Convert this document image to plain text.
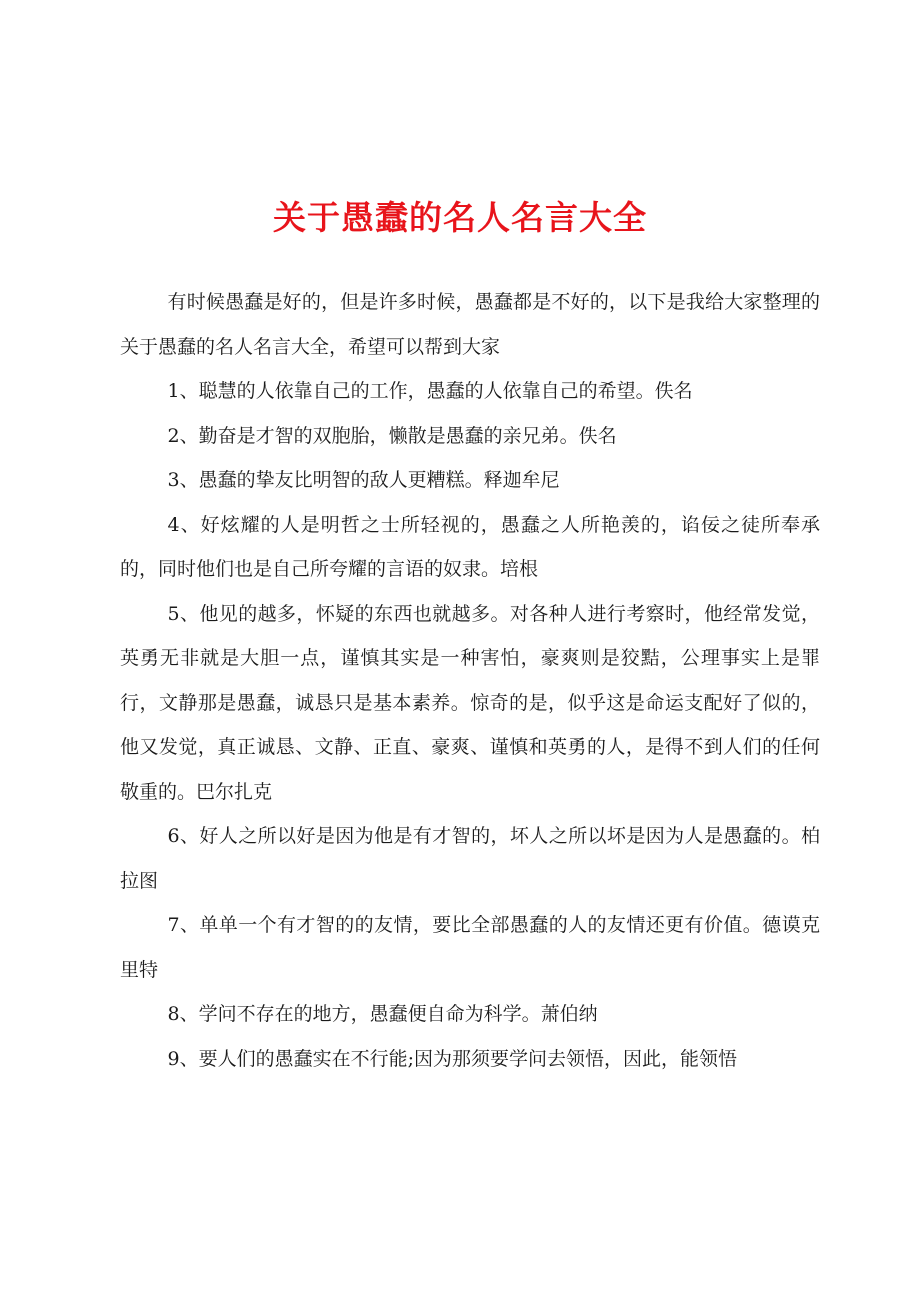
关于愚蠢的名人名言大全

有时候愚蠢是好的，但是许多时候，愚蠢都是不好的，以下是我给大家整理的关于愚蠢的名人名言大全，希望可以帮到大家

1、聪慧的人依靠自己的工作，愚蠢的人依靠自己的希望。佚名

2、勤奋是才智的双胞胎，懒散是愚蠢的亲兄弟。佚名

3、愚蠢的挚友比明智的敌人更糟糕。释迦牟尼

4、好炫耀的人是明哲之士所轻视的，愚蠢之人所艳羡的，谄佞之徒所奉承的，同时他们也是自己所夸耀的言语的奴隶。培根

5、他见的越多，怀疑的东西也就越多。对各种人进行考察时，他经常发觉，英勇无非就是大胆一点，谨慎其实是一种害怕，豪爽则是狡黠，公理事实上是罪行，文静那是愚蠢，诚恳只是基本素养。惊奇的是，似乎这是命运支配好了似的，他又发觉，真正诚恳、文静、正直、豪爽、谨慎和英勇的人，是得不到人们的任何敬重的。巴尔扎克

6、好人之所以好是因为他是有才智的，坏人之所以坏是因为人是愚蠢的。柏拉图

7、单单一个有才智的的友情，要比全部愚蠢的人的友情还更有价值。德谟克里特

8、学问不存在的地方，愚蠢便自命为科学。萧伯纳

9、要人们的愚蠢实在不行能;因为那须要学问去领悟，因此，能领悟
